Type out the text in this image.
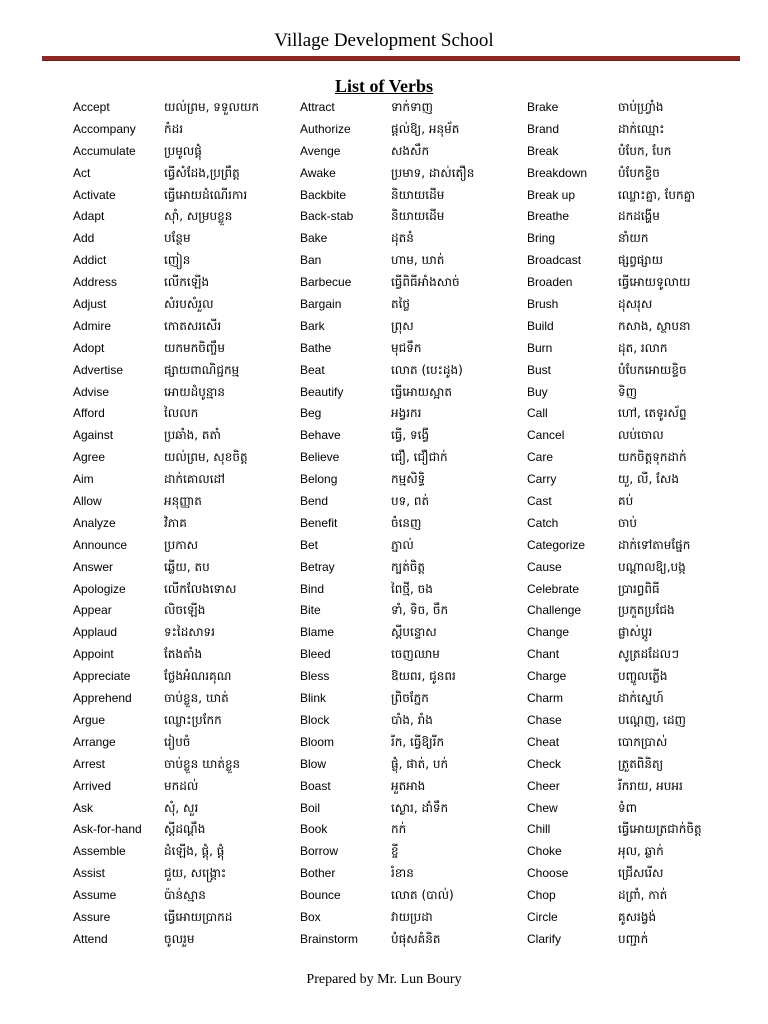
Village Development School
List of Verbs
Accept	យល់ព្រម, ទទួលយក
Accompany កំដរ
Accumulate ប្រមូលផ្តុំ
Act	ធ្វើសំដែង,ប្រព្រឹត្ត
Activate	ធ្វើអោយដំណើរការ
Adapt	ស៊ាំ, សម្របខ្លួន
Add	បន្ថែម
Addict	ញៀន
Address	លើកឡើង
Adjust	សំរបសំរួល
Admire	កោតសរសើរ
Adopt	យកមកចិញ្ចឹម
Advertise	ផ្សាយពាណិជ្ជកម្ម
Advise	អោយដំបូន្មាន
Afford	លៃលក
Against	ប្រឆាំង, តតាំ
Agree	យល់ព្រម, សុខចិត្ត
Aim	ដាក់គោលដៅ
Allow	អនុញ្ញាត
Analyze	វិភាគ
Announce	ប្រកាស
Answer	ឆ្លើយ, តប
Apologize	លើកលែងទោស
Appear	លិចឡើង
Applaud	ទះដៃសាទរ
Appoint	តែងតាំង
Appreciate	ថ្លែងអំណរគុណ
Apprehend	ចាប់ខ្លួន, ឃាត់
Argue	ឈ្លោះប្រកែក
Arrange	រៀបចំ
Arrest	ចាប់ខ្លួន ឃាត់ខ្លួន
Arrived	មកដល់
Ask	សុំ, សួរ
Ask-for-hand ស្តីដណ្តឹង
Assemble	ដំឡើង, ផ្តុំ, ផ្តុំ
Assist	ជួយ, សង្គ្រោះ
Assume	ប៉ាន់ស្មាន
Assure	ធ្វើអោយប្រាកដ
Attend	ចូលរួម
Attract	ទាក់ទាញ
Authorize	ផ្តល់ឱ្យ, អនុម័ត
Avenge	សងសឹក
Awake	ប្រមាទ, ដាស់តឿន
Backbite	និយាយដើម
Back-stab	និយាយដើម
Bake	ដុតនំ
Ban	ហាម, ឃាត់
Barbecue	ធ្វើពិធីអាំងសាច់
Bargain	តថ្លៃ
Bark	ព្រុស
Bathe	មុជទឹក
Beat	លោត (បេះដូង)
Beautify	ធ្វើអោយស្អាត
Beg	អង្វរករ
Behave	ធ្វើ, ទង្វើ
Believe	ជឿ, ជឿជាក់
Belong	កម្មសិទ្ធិ
Bend	បទ, ពត់
Benefit	ចំនេញ
Bet	ភ្នាល់
Betray	ក្បត់ចិត្ត
Bind	ពៃថ្មី, ចង
Bite	ទាំ, ទិច, ចឹក
Blame	ស្តីបន្ទោស
Bleed	ចេញឈាម
Bless	ឱយពរ, ជូនពរ
Blink	ព្រិចភ្នែក
Block	បាំង, រាំង
Bloom	រីក, ធ្វើឱ្យរីក
Blow	ផ្លុំ, ផាត់, បក់
Boast	អួតអាង
Boil	ស្ងោរ, ដាំទឹក
Book	កក់
Borrow	ខ្ចី
Bother	រំខាន
Bounce	លោត (បាល់)
Box	វាយប្រដា
Brainstorm	បំផុសគំនិត
Brake	ចាប់ហ្វ្រាំង
Brand	ដាក់ឈ្មោះ
Break	បំបែក, បែក
Breakdown	បំបែកខ្ទិច
Break up	ឈ្លោះគ្នា, បែកគ្នា
Breathe	ដកដង្ហើម
Bring	នាំយក
Broadcast	ផ្សព្វផ្សាយ
Broaden	ធ្វើអោយទូលាយ
Brush	ដុសរុស
Build	កសាង, ស្ថាបនា
Burn	ដុត, រលាក
Bust	បំបែកអោយខ្ទិច
Buy	ទិញ
Call	ហៅ, តេទូរស័ព្ទ
Cancel	លប់ចោល
Care	យកចិត្តទុកដាក់
Carry	យួ, លី, សែង
Cast	គប់
Catch	ចាប់
Categorize	ដាក់ទៅតាមផ្នែក
Cause	បណ្តាលឱ្យ,បង្ក
Celebrate	ប្រារព្ធពិធី
Challenge	ប្រកួតប្រជែង
Change	ផ្លាស់ប្តូរ
Chant	សូត្រដដែលៗ
Charge	បញ្ចូលភ្លើង
Charm	ដាក់ស្នេហ៍
Chase	បណ្តេញ, ដេញ
Cheat	បោកប្រាស់
Check	ត្រួតពិនិត្យ
Cheer	រីករាយ, អបអរ
Chew	ទំពា
Chill	ធ្វើអោយត្រជាក់ចិត្ត
Choke	អុល, ឆ្លាក់
Choose	ជ្រើសរើស
Chop	ដព្រាំ, កាត់
Circle	គូសរង្វង់
Clarify	បញ្ជាក់
Prepared by Mr. Lun Boury
